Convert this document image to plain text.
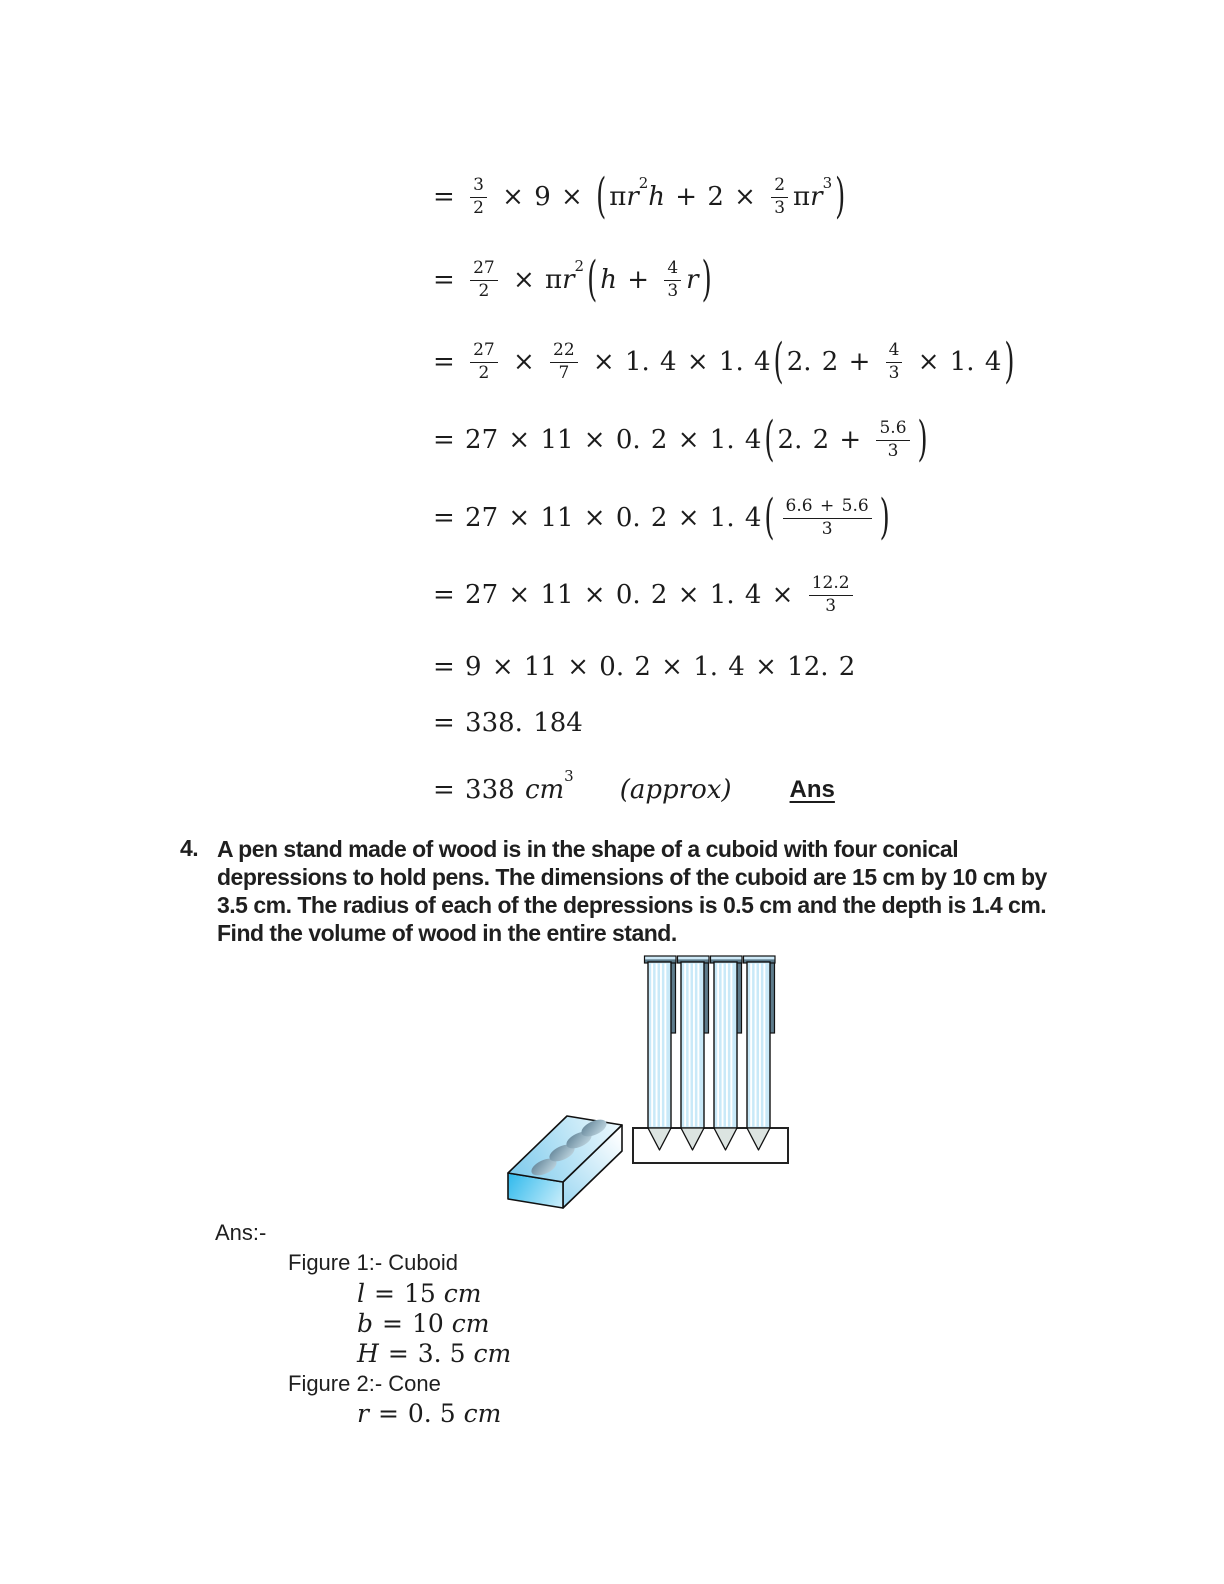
= $\frac{3}{2} \times 9$ × ( π r 2 $h + 2 \times \frac{2}{3}$ π r 3 )
= $\frac{27}{2} \times \pi$ r 2 ( $h + \frac{4}{3}$ r )
= $\frac{27}{2} \times \frac{22}{7} \times 1$. 4 × 1. 4 ( 2. $2 + \frac{4}{3} \times 1$. 4 )
= 27 × 11 × 0. 2 × 1. 4 ( 2. $2 + \frac{5.6}{3}$ )
= 27 × 11 × 0. 2 × 1. 4 ( 6.6 + 5.6
3 )
= 27 × 11 × 0. 2 × 1. $4 \times \frac{12.2}{3}$
= 9 × 11 × 0. 2 × 1. 4 × 12. 2
= 338. 184
= 338 cm 3 (approx) Ans
4. A pen stand made of wood is in the shape of a cuboid with four conical
depressions to hold pens. The dimensions of the cuboid are 15 cm by 10 cm by
3.5 cm. The radius of each of the depressions is 0.5 cm and the depth is 1.4 cm.
Find the volume of wood in the entire stand.
Ans:-
Figure 1:- Cuboid
l = 15 cm
b = 10 cm
H = 3. 5 cm
Figure 2:- Cone
r = 0. 5 cm
